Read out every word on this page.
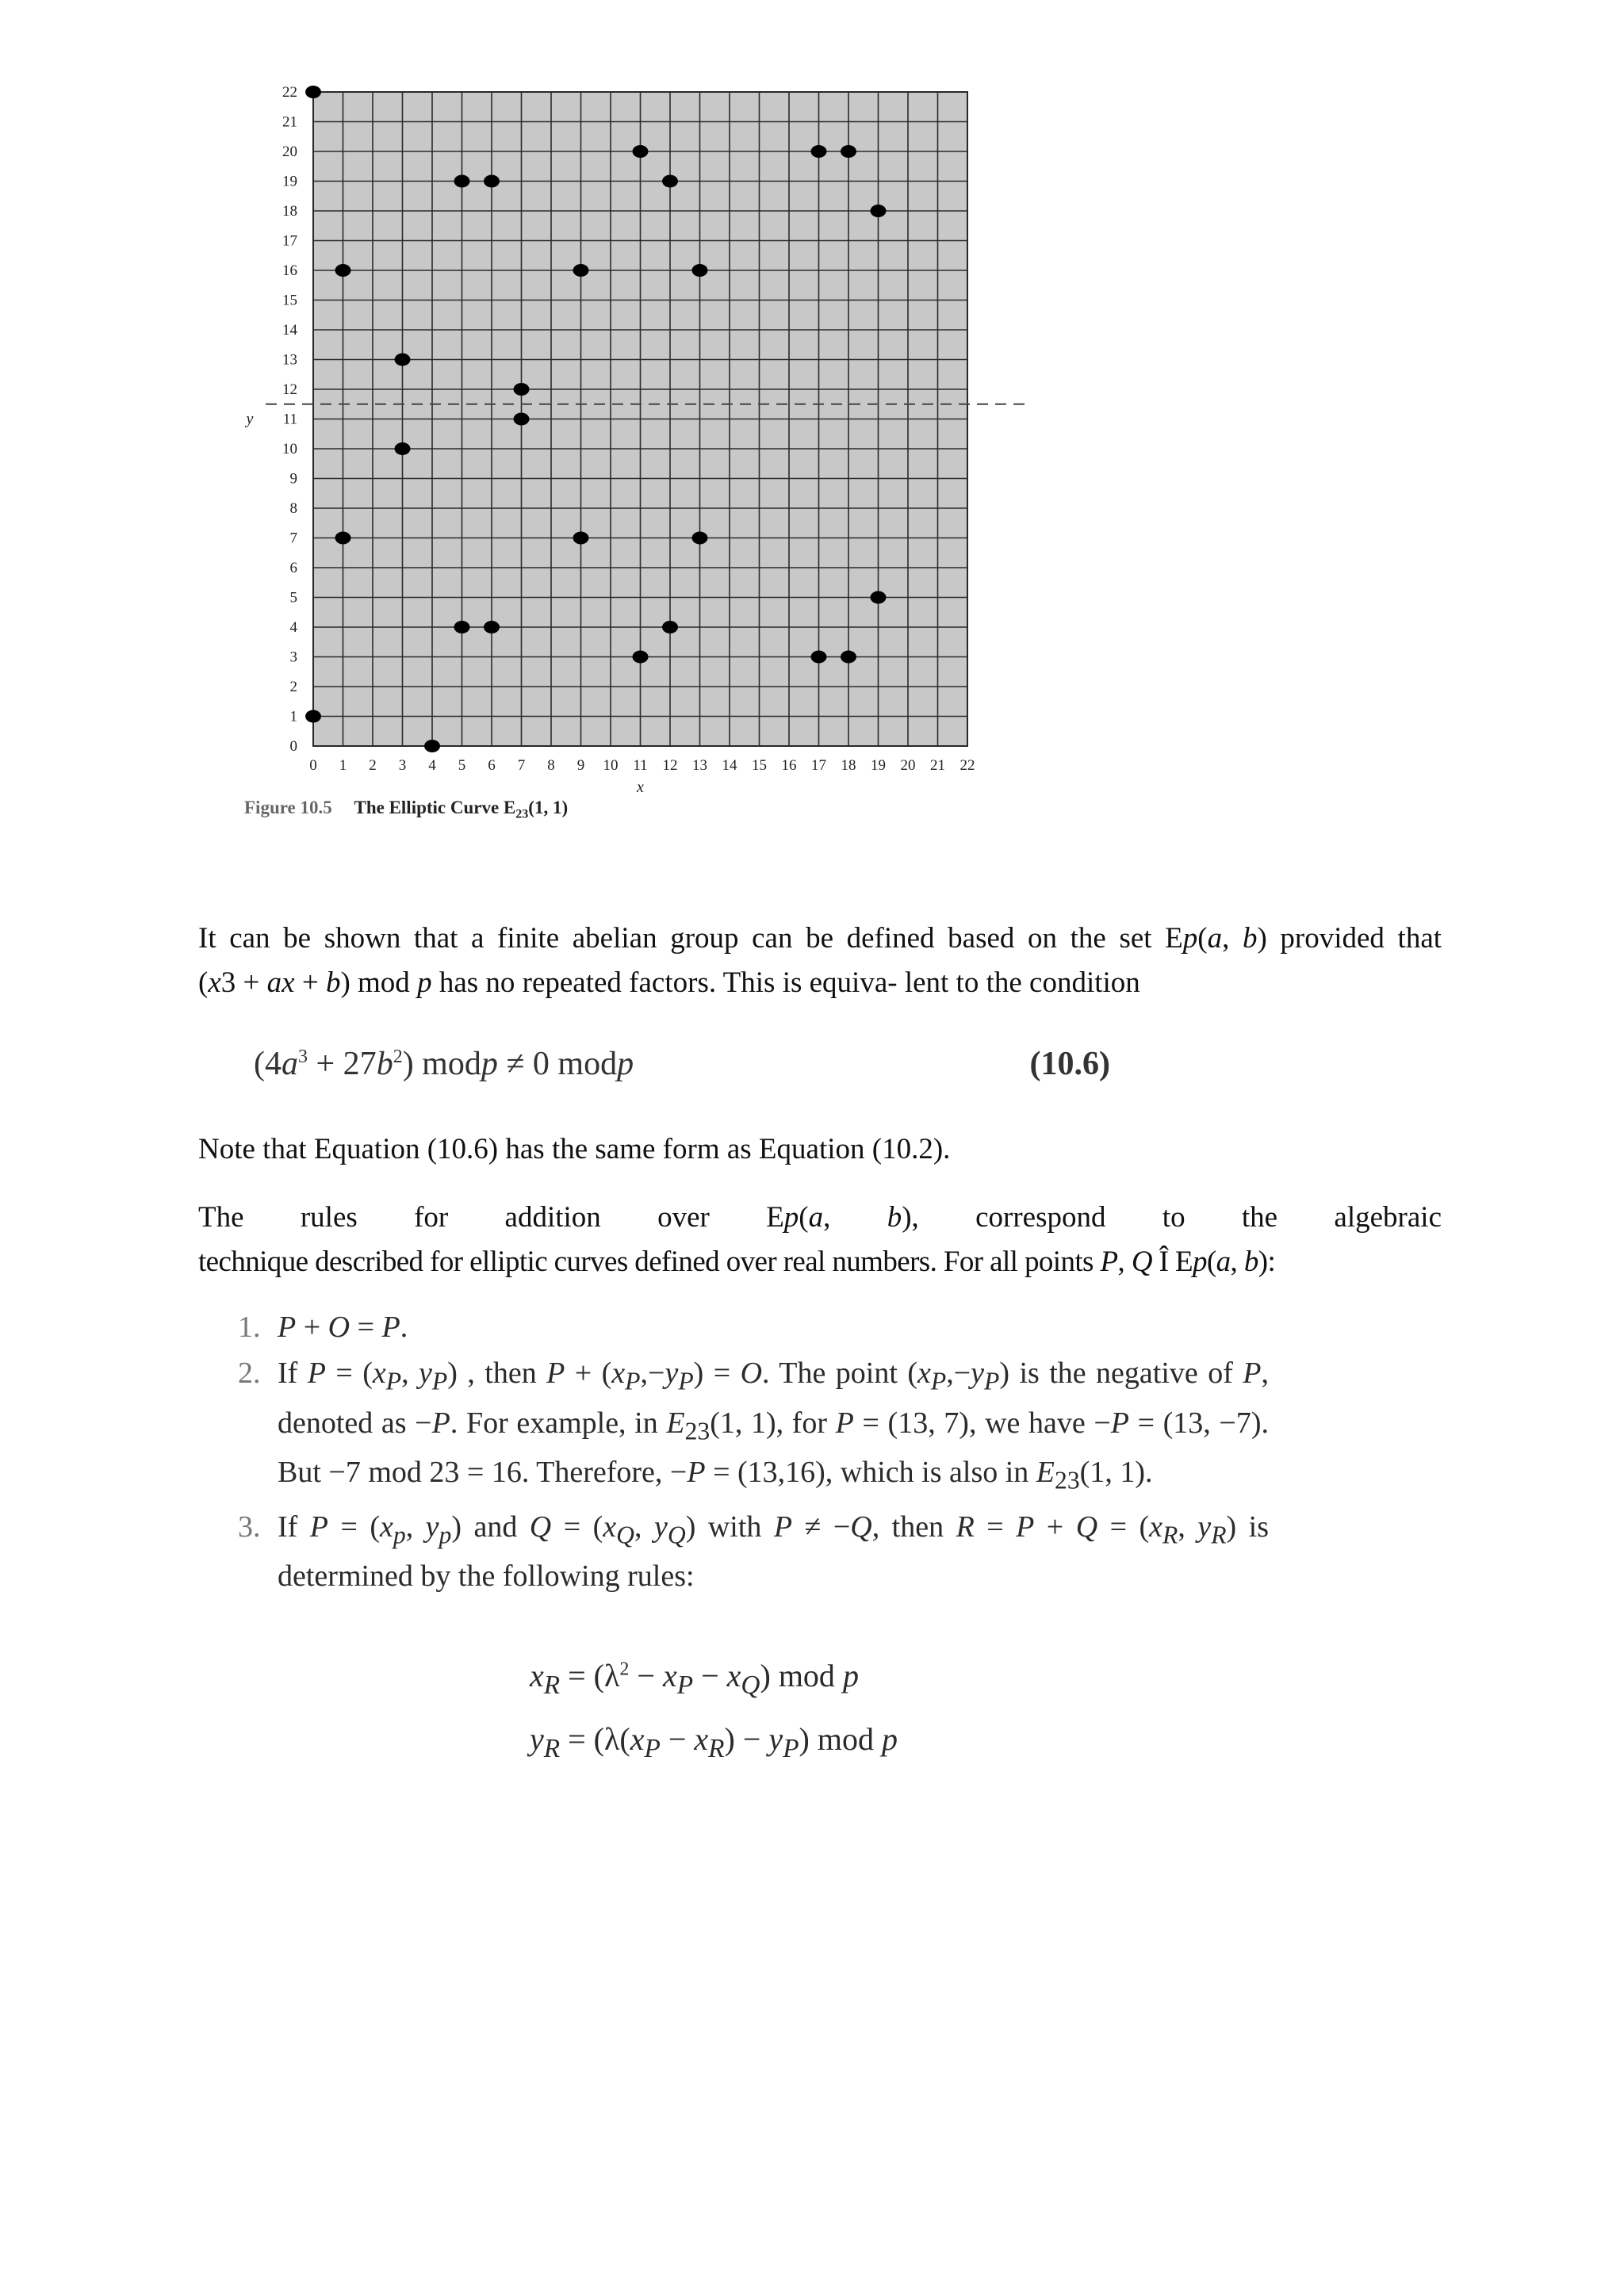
0 1 2 3 4 5 6 7 8 9 10 11 12 13 14 15 16 17 18 19 20 21 22
0
1
2
3
4
5
6
7
8
9
10
11
12
13
14
15
16
17
18
19
20
21
22
x
y
Figure 10.5 The Elliptic Curve $E_{23}(1$, 1)
It can be shown that a finite abelian group can be defined based on the set Ep(a, b) provided that
(x3 + ax + b) mod p has no repeated factors. This is equiva- lent to the condition
$(4a^3 + 27b^2)$ modp ≠ 0 modp	(10.6)
Note that Equation (10.6) has the same form as Equation (10.2).
The rules for addition over Ep(a, b), correspond to the algebraic
technique described for elliptic curves defined over real numbers. For all points P, Q Î Ep(a, b):
1. P + O = P.
2. If $P = (x_P$, $y_P$) , then $P + (x_P,-y_P) = O$. The point $(x_P,-y_P)$ is the negative of P, denoted as −P. For example, in $E_{23}(1$, 1), for P = (13, 7), we have −P = (13, −7). But −7 mod 23 = 16. Therefore, −P = (13,16), which is also in $E_{23}(1$, 1).
3. If $P = (x_p$, $y_p$) and $Q = (x_Q$, $y_Q$) with P ≠ −Q, then $R = P + Q = (x_R$, $y_R$) is determined by the following rules:
$x_R = (\lambda^2 - x_P - x_Q)$ mod p
$y_R = (\lambda(x_P - x_R) - y_P)$ mod p
